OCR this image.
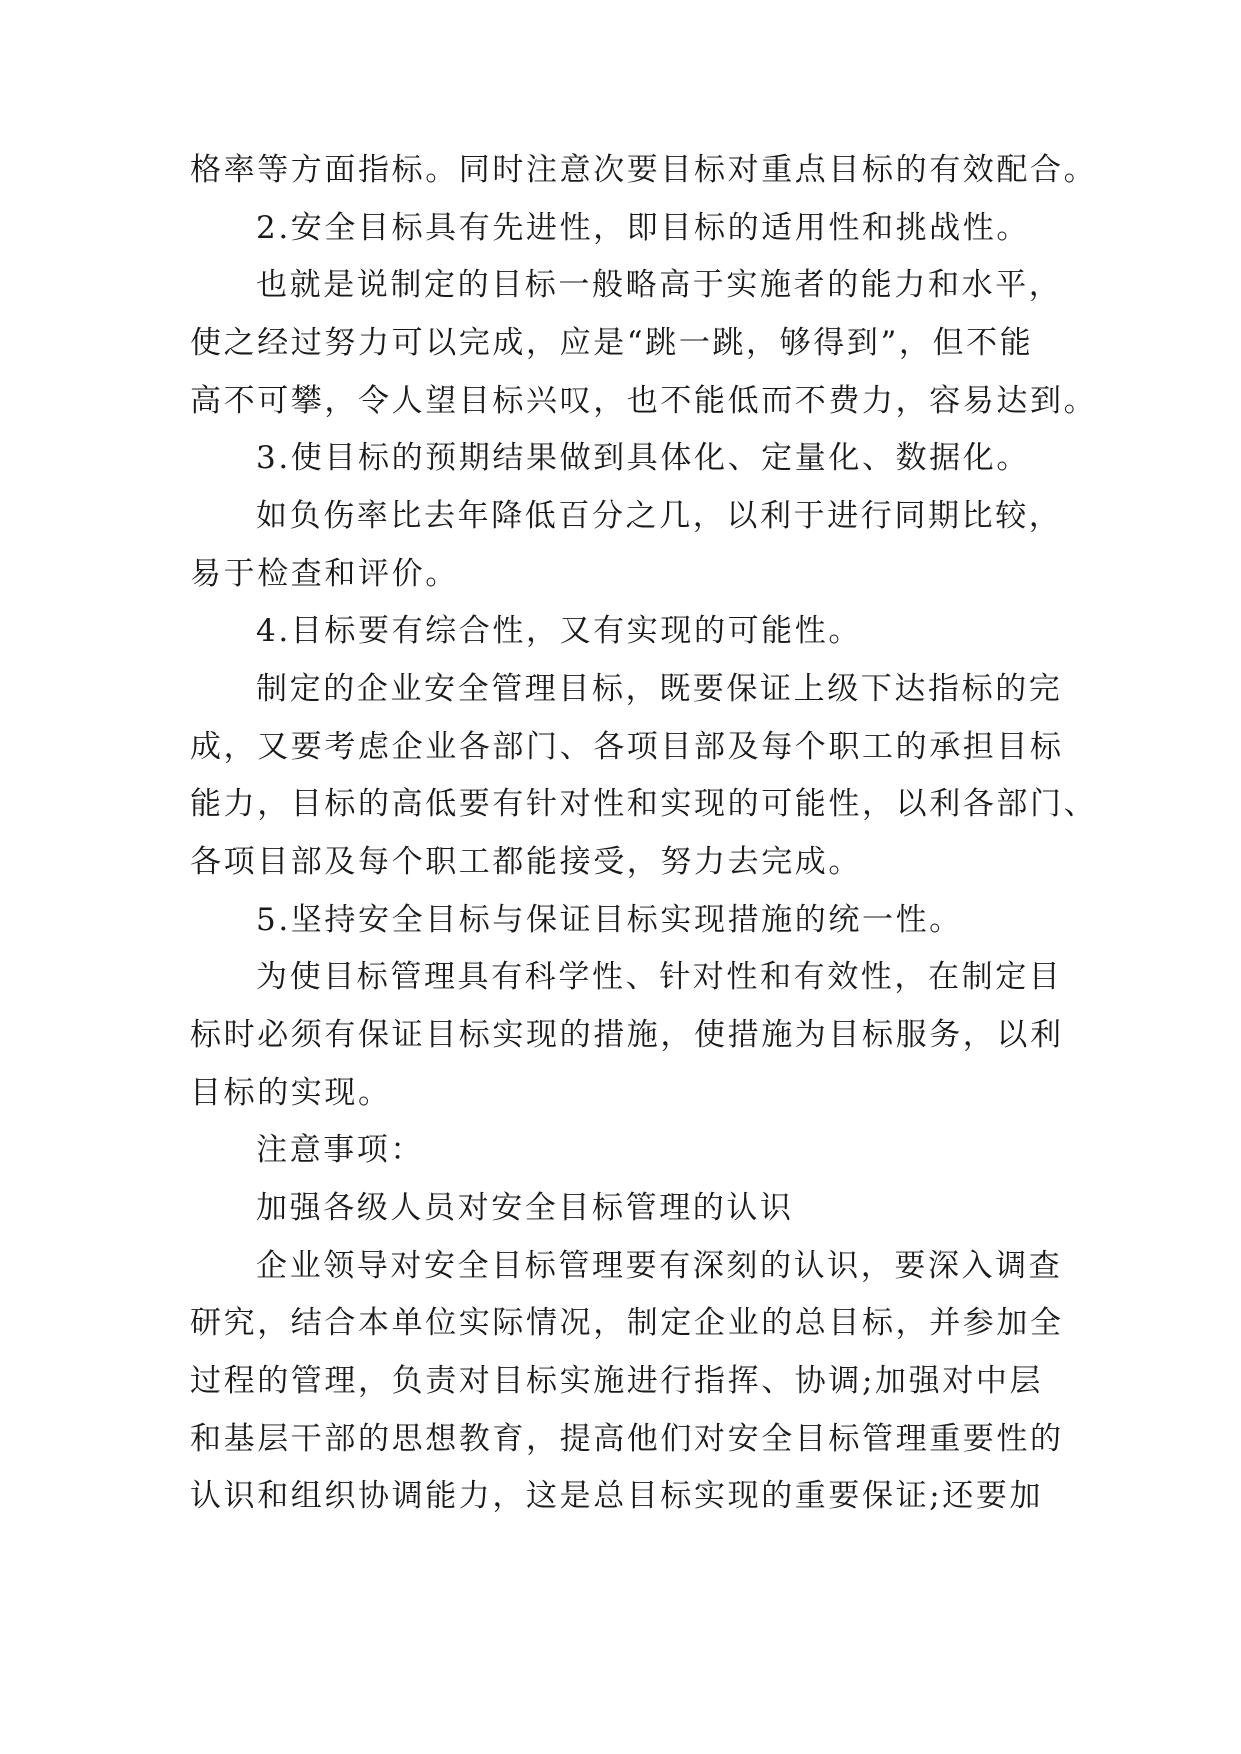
格率等方面指标。同时注意次要目标对重点目标的有效配合。
2.安全目标具有先进性，即目标的适用性和挑战性。
也就是说制定的目标一般略高于实施者的能力和水平，
使之经过努力可以完成，应是“跳一跳，够得到”，但不能
高不可攀，令人望目标兴叹，也不能低而不费力，容易达到。
3.使目标的预期结果做到具体化、定量化、数据化。
如负伤率比去年降低百分之几，以利于进行同期比较，
易于检查和评价。
4.目标要有综合性，又有实现的可能性。
制定的企业安全管理目标，既要保证上级下达指标的完
成，又要考虑企业各部门、各项目部及每个职工的承担目标
能力，目标的高低要有针对性和实现的可能性，以利各部门、
各项目部及每个职工都能接受，努力去完成。
5.坚持安全目标与保证目标实现措施的统一性。
为使目标管理具有科学性、针对性和有效性，在制定目
标时必须有保证目标实现的措施，使措施为目标服务，以利
目标的实现。
注意事项：
加强各级人员对安全目标管理的认识
企业领导对安全目标管理要有深刻的认识，要深入调查
研究，结合本单位实际情况，制定企业的总目标，并参加全
过程的管理，负责对目标实施进行指挥、协调;加强对中层
和基层干部的思想教育，提高他们对安全目标管理重要性的
认识和组织协调能力，这是总目标实现的重要保证;还要加
